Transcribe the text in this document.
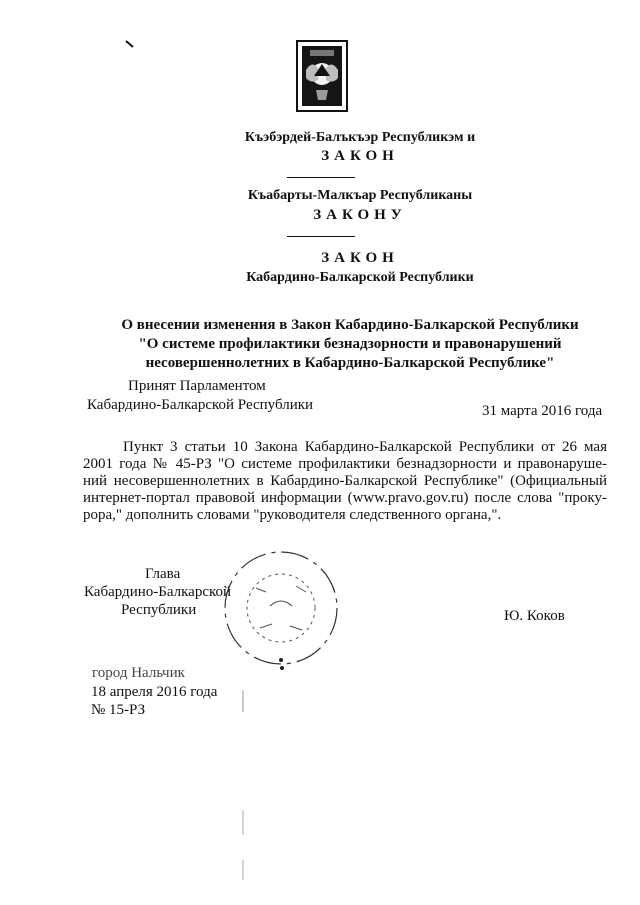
Къэбэрдей-Балъкъэр Республикэм и
ЗАКОН
Къабарты-Малкъар Республиканы
ЗАКОНУ
ЗАКОН
Кабардино-Балкарской Республики
О внесении изменения в Закон Кабардино-Балкарской Республики
"О системе профилактики безнадзорности и правонарушений
несовершеннолетних в Кабардино-Балкарской Республике"
Принят Парламентом
Кабардино-Балкарской Республики	31 марта 2016 года
Пункт 3 статьи 10 Закона Кабардино-Балкарской Республики от 26 мая
2001 года № 45-РЗ "О системе профилактики безнадзорности и правонаруше-
ний несовершеннолетних в Кабардино-Балкарской Республике" (Официальный
интернет-портал правовой информации (www.pravo.gov.ru) после слова "проку-
рора," дополнить словами "руководителя следственного органа,".
Глава
Кабардино-Балкарской
Республики	Ю. Коков
город Нальчик
18 апреля 2016 года
№ 15-РЗ
